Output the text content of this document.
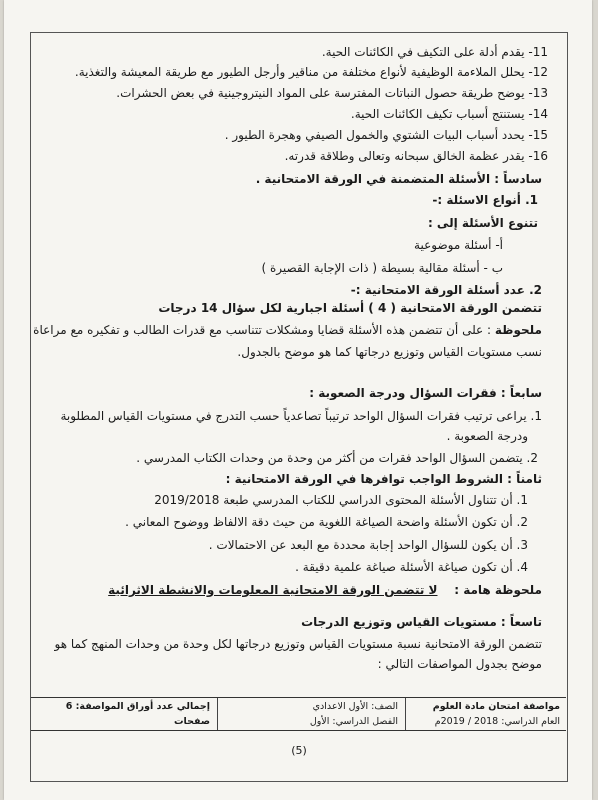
11- يقدم أدلة على التكيف في الكائنات الحية.
12- يحلل الملاءمة الوظيفية لأنواع مختلفة من مناقير وأرجل الطيور مع طريقة المعيشة والتغذية.
13- يوضح طريقة حصول النباتات المفترسة على المواد النيتروجينية في بعض الحشرات.
14- يستنتج أسباب تكيف الكائنات الحية.
15- يحدد أسباب البيات الشتوي والخمول الصيفي وهجرة الطيور .
16- يقدر عظمة الخالق سبحانه وتعالى وطلاقة قدرته.
سادساً : الأسئلة المتضمنة في الورقة الامتحانية .
1. أنواع الاسئلة :-
تتنوع الأسئلة إلى :
أ- أسئلة موضوعية
ب - أسئلة مقالية بسيطة ( ذات الإجابة القصيرة )
2. عدد أسئلة الورقة الامتحانية :-
تتضمن الورقة الامتحانية ( 4 ) أسئلة اجبارية لكل سؤال 14 درجات
ملحوظة : على أن تتضمن هذه الأسئلة قضايا ومشكلات تتناسب مع قدرات الطالب و تفكيره مع مراعاة
نسب مستويات القياس وتوزيع درجاتها كما هو موضح بالجدول.
سابعاً : فقرات السؤال ودرجة الصعوبة :
1. يراعى ترتيب فقرات السؤال الواحد ترتيباً تصاعدياً حسب التدرج في مستويات القياس المطلوبة
ودرجة الصعوبة .
2. يتضمن السؤال الواحد فقرات من أكثر من وحدة من وحدات الكتاب المدرسي .
ثامناً : الشروط الواجب توافرها في الورقة الامتحانية :
1. أن تتناول الأسئلة المحتوى الدراسي للكتاب المدرسي طبعة 2019/2018
2. أن تكون الأسئلة واضحة الصياغة اللغوية من حيث دقة الالفاظ ووضوح المعاني .
3. أن يكون للسؤال الواحد إجابة محددة مع البعد عن الاحتمالات .
4. أن تكون صياغة الأسئلة صياغة علمية دقيقة .
ملحوظة هامة :    لا تتضمن الورقة الامتحانية المعلومات والانشطة الاثرائية
تاسعاً : مستويات القياس وتوزيع الدرجات
تتضمن الورقة الامتحانية نسبة مستويات القياس وتوزيع درجاتها لكل وحدة من وحدات المنهج كما هو
موضح بجدول المواصفات التالي :
مواصفة امتحان مادة العلوم
العام الدراسي: 2018 / 2019م
الصف: الأول الاعدادي
الفصل الدراسي: الأول
إجمالي عدد أوراق المواصفة: 6 صفحات
(5)
